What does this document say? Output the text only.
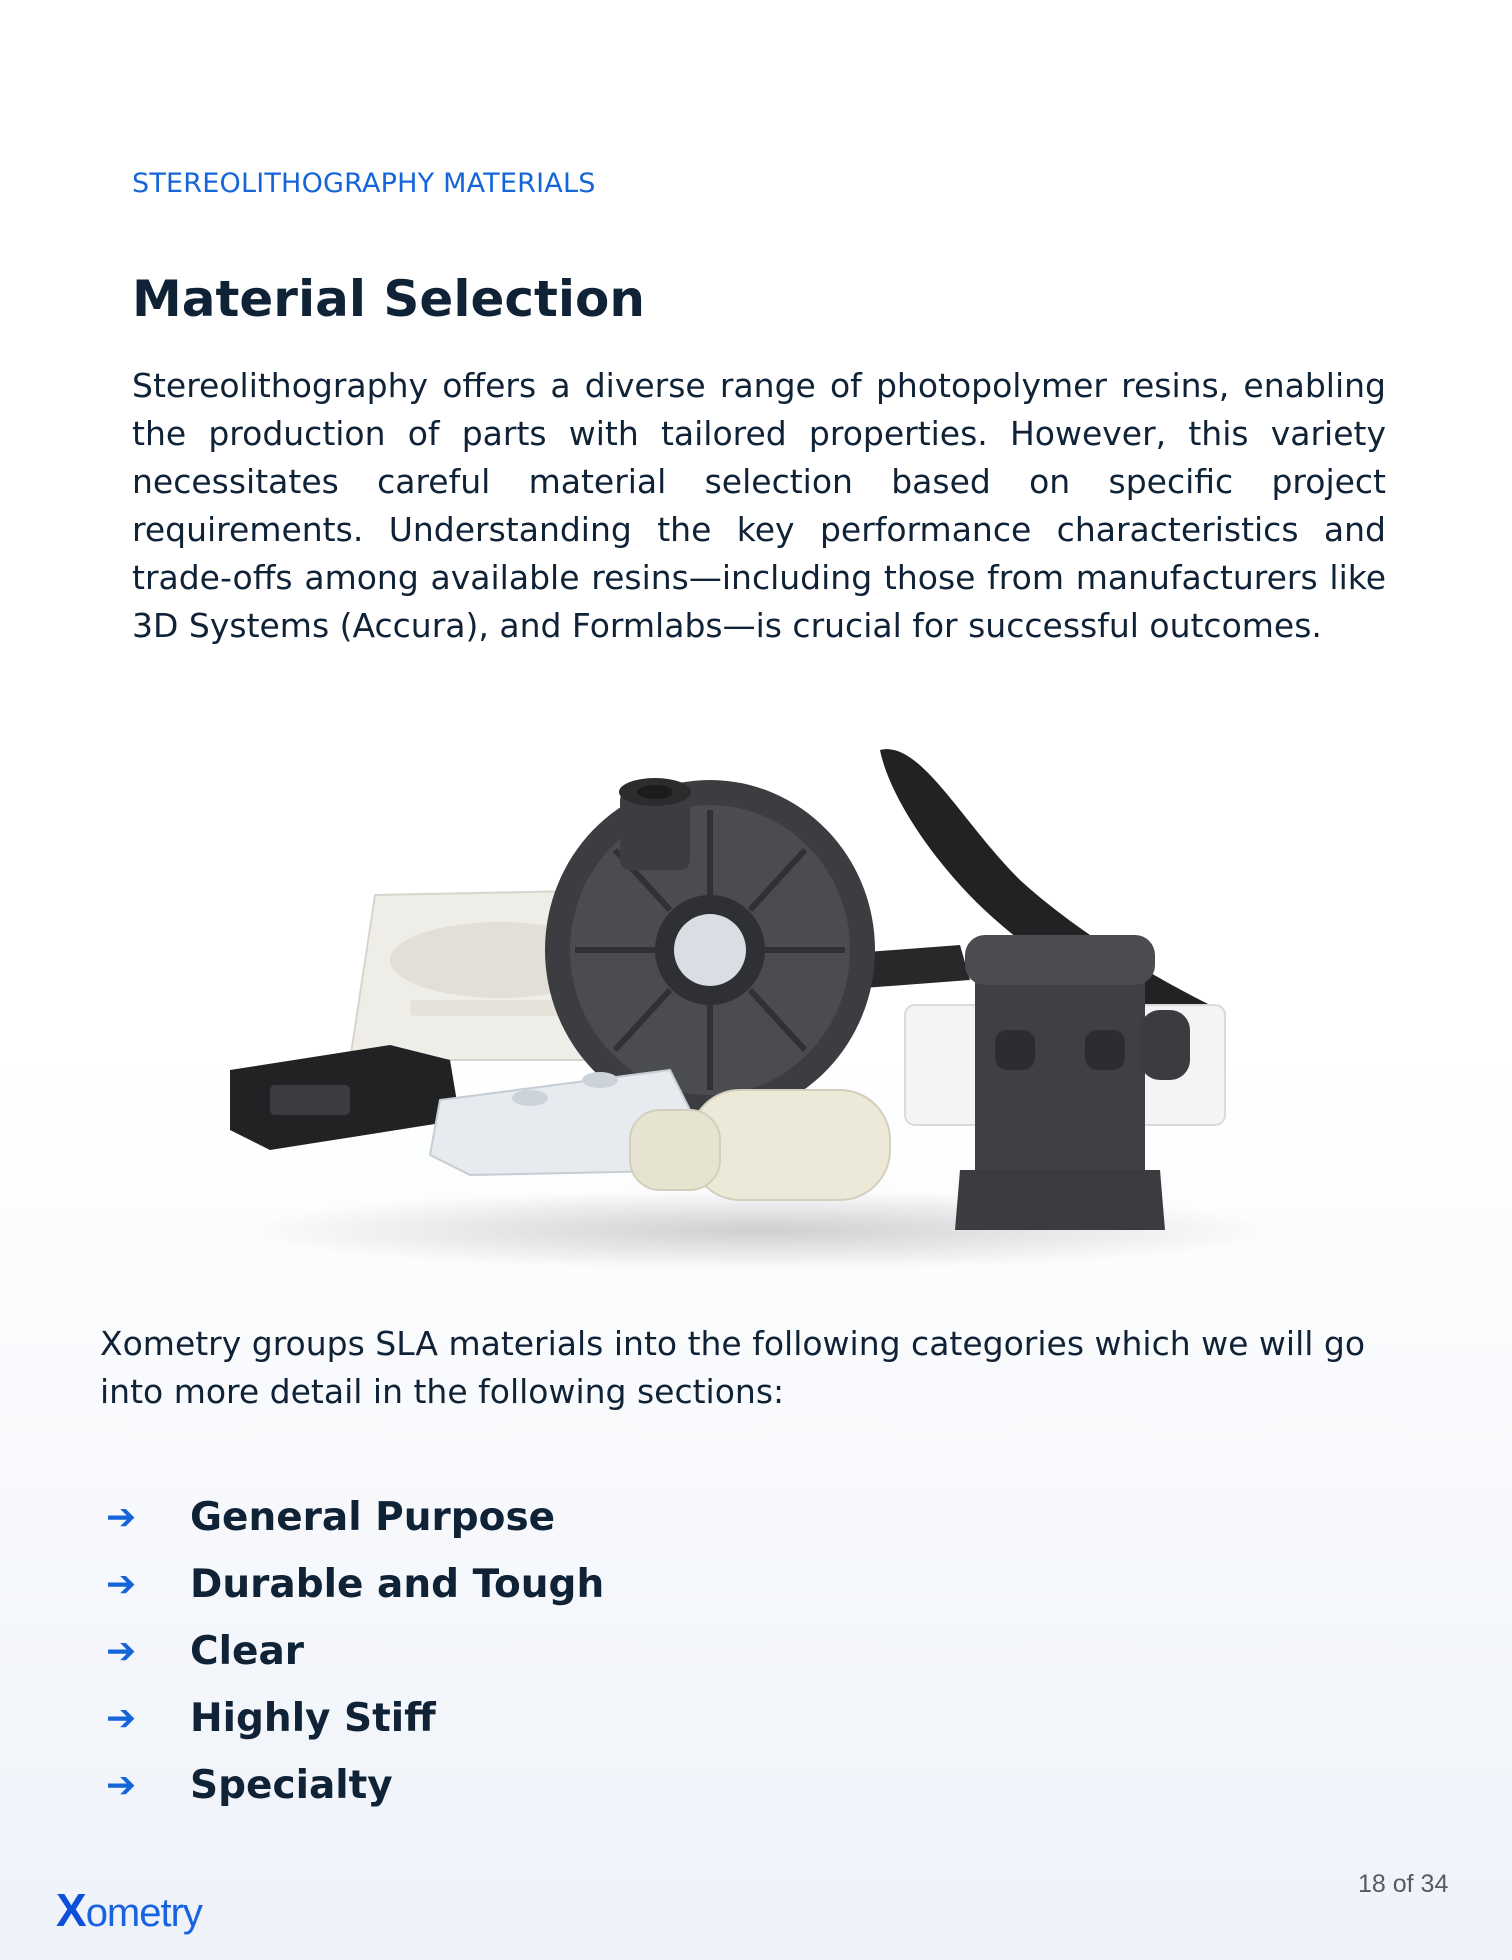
STEREOLITHOGRAPHY MATERIALS
Material Selection

Stereolithography offers a diverse range of photopolymer resins, enabling the production of parts with tailored properties. However, this variety necessitates careful material selection based on specific project requirements. Understanding the key performance characteristics and trade-offs among available resins—including those from manufacturers like 3D Systems (Accura), and Formlabs—is crucial for successful outcomes.

Xometry groups SLA materials into the following categories which we will go into more detail in the following sections:

➔	General Purpose
➔	Durable and Tough
➔	Clear
➔	Highly Stiff
➔	Specialty
18 of 34
Xometry
